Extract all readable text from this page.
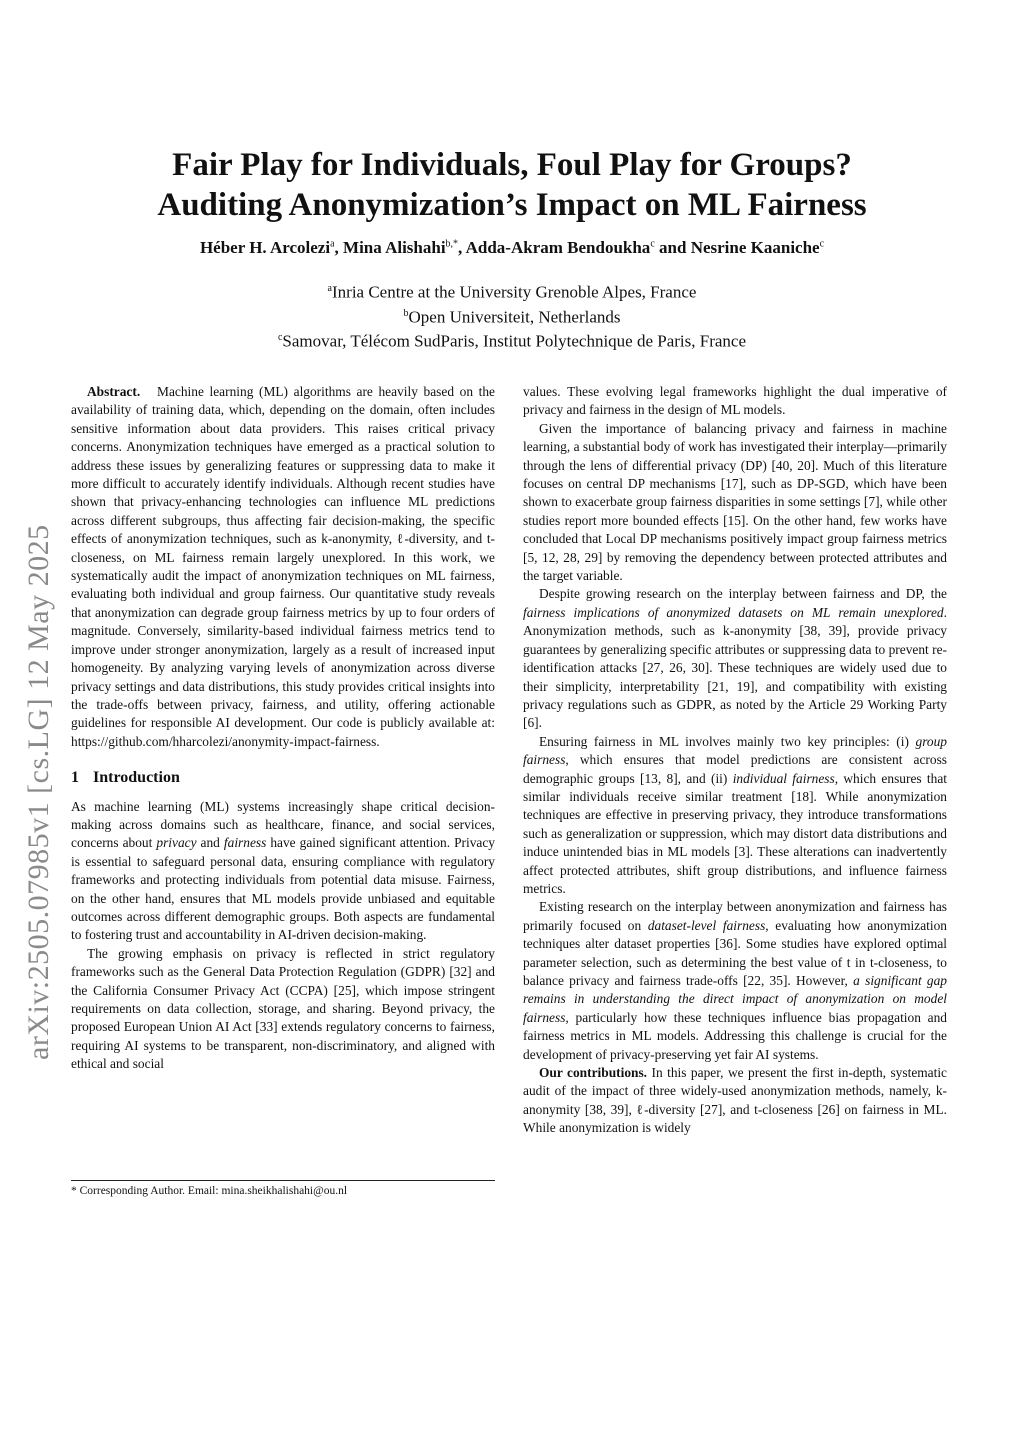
arXiv:2505.07985v1 [cs.LG] 12 May 2025
Fair Play for Individuals, Foul Play for Groups?
Auditing Anonymization’s Impact on ML Fairness
Héber H. Arcolezi$^a$, Mina Alishahi$^{b,*}$, Adda-Akram Bendoukha$^c$ and Nesrine Kaaniche$^c$
$^a$Inria Centre at the University Grenoble Alpes, France
$^b$Open Universiteit, Netherlands
$^c$Samovar, Télécom SudParis, Institut Polytechnique de Paris, France

Abstract. Machine learning (ML) algorithms are heavily based on the availability of training data, which, depending on the domain, often includes sensitive information about data providers. This raises critical privacy concerns. Anonymization techniques have emerged as a practical solution to address these issues by generalizing features or suppressing data to make it more difficult to accurately identify individuals. Although recent studies have shown that privacy-enhancing technologies can influence ML predictions across different subgroups, thus affecting fair decision-making, the specific effects of anonymization techniques, such as k-anonymity, ℓ-diversity, and t-closeness, on ML fairness remain largely unexplored. In this work, we systematically audit the impact of anonymization techniques on ML fairness, evaluating both individual and group fairness. Our quantitative study reveals that anonymization can degrade group fairness metrics by up to four orders of magnitude. Conversely, similarity-based individual fairness metrics tend to improve under stronger anonymization, largely as a result of increased input homogeneity. By analyzing varying levels of anonymization across diverse privacy settings and data distributions, this study provides critical insights into the trade-offs between privacy, fairness, and utility, offering actionable guidelines for responsible AI development. Our code is publicly available at: https://github.com/hharcolezi/anonymity-impact-fairness.

1 Introduction

As machine learning (ML) systems increasingly shape critical decision-making across domains such as healthcare, finance, and social services, concerns about privacy and fairness have gained significant attention. Privacy is essential to safeguard personal data, ensuring compliance with regulatory frameworks and protecting individuals from potential data misuse. Fairness, on the other hand, ensures that ML models provide unbiased and equitable outcomes across different demographic groups. Both aspects are fundamental to fostering trust and accountability in AI-driven decision-making.

The growing emphasis on privacy is reflected in strict regulatory frameworks such as the General Data Protection Regulation (GDPR) [32] and the California Consumer Privacy Act (CCPA) [25], which impose stringent requirements on data collection, storage, and sharing. Beyond privacy, the proposed European Union AI Act [33] extends regulatory concerns to fairness, requiring AI systems to be transparent, non-discriminatory, and aligned with ethical and social

* Corresponding Author. Email: mina.sheikhalishahi@ou.nl

values. These evolving legal frameworks highlight the dual imperative of privacy and fairness in the design of ML models.

Given the importance of balancing privacy and fairness in machine learning, a substantial body of work has investigated their interplay—primarily through the lens of differential privacy (DP) [40, 20]. Much of this literature focuses on central DP mechanisms [17], such as DP-SGD, which have been shown to exacerbate group fairness disparities in some settings [7], while other studies report more bounded effects [15]. On the other hand, few works have concluded that Local DP mechanisms positively impact group fairness metrics [5, 12, 28, 29] by removing the dependency between protected attributes and the target variable.

Despite growing research on the interplay between fairness and DP, the fairness implications of anonymized datasets on ML remain unexplored. Anonymization methods, such as k-anonymity [38, 39], provide privacy guarantees by generalizing specific attributes or suppressing data to prevent re-identification attacks [27, 26, 30]. These techniques are widely used due to their simplicity, interpretability [21, 19], and compatibility with existing privacy regulations such as GDPR, as noted by the Article 29 Working Party [6].

Ensuring fairness in ML involves mainly two key principles: (i) group fairness, which ensures that model predictions are consistent across demographic groups [13, 8], and (ii) individual fairness, which ensures that similar individuals receive similar treatment [18]. While anonymization techniques are effective in preserving privacy, they introduce transformations such as generalization or suppression, which may distort data distributions and induce unintended bias in ML models [3]. These alterations can inadvertently affect protected attributes, shift group distributions, and influence fairness metrics.

Existing research on the interplay between anonymization and fairness has primarily focused on dataset-level fairness, evaluating how anonymization techniques alter dataset properties [36]. Some studies have explored optimal parameter selection, such as determining the best value of t in t-closeness, to balance privacy and fairness trade-offs [22, 35]. However, a significant gap remains in understanding the direct impact of anonymization on model fairness, particularly how these techniques influence bias propagation and fairness metrics in ML models. Addressing this challenge is crucial for the development of privacy-preserving yet fair AI systems.

Our contributions. In this paper, we present the first in-depth, systematic audit of the impact of three widely-used anonymization methods, namely, k-anonymity [38, 39], ℓ-diversity [27], and t-closeness [26] on fairness in ML. While anonymization is widely
